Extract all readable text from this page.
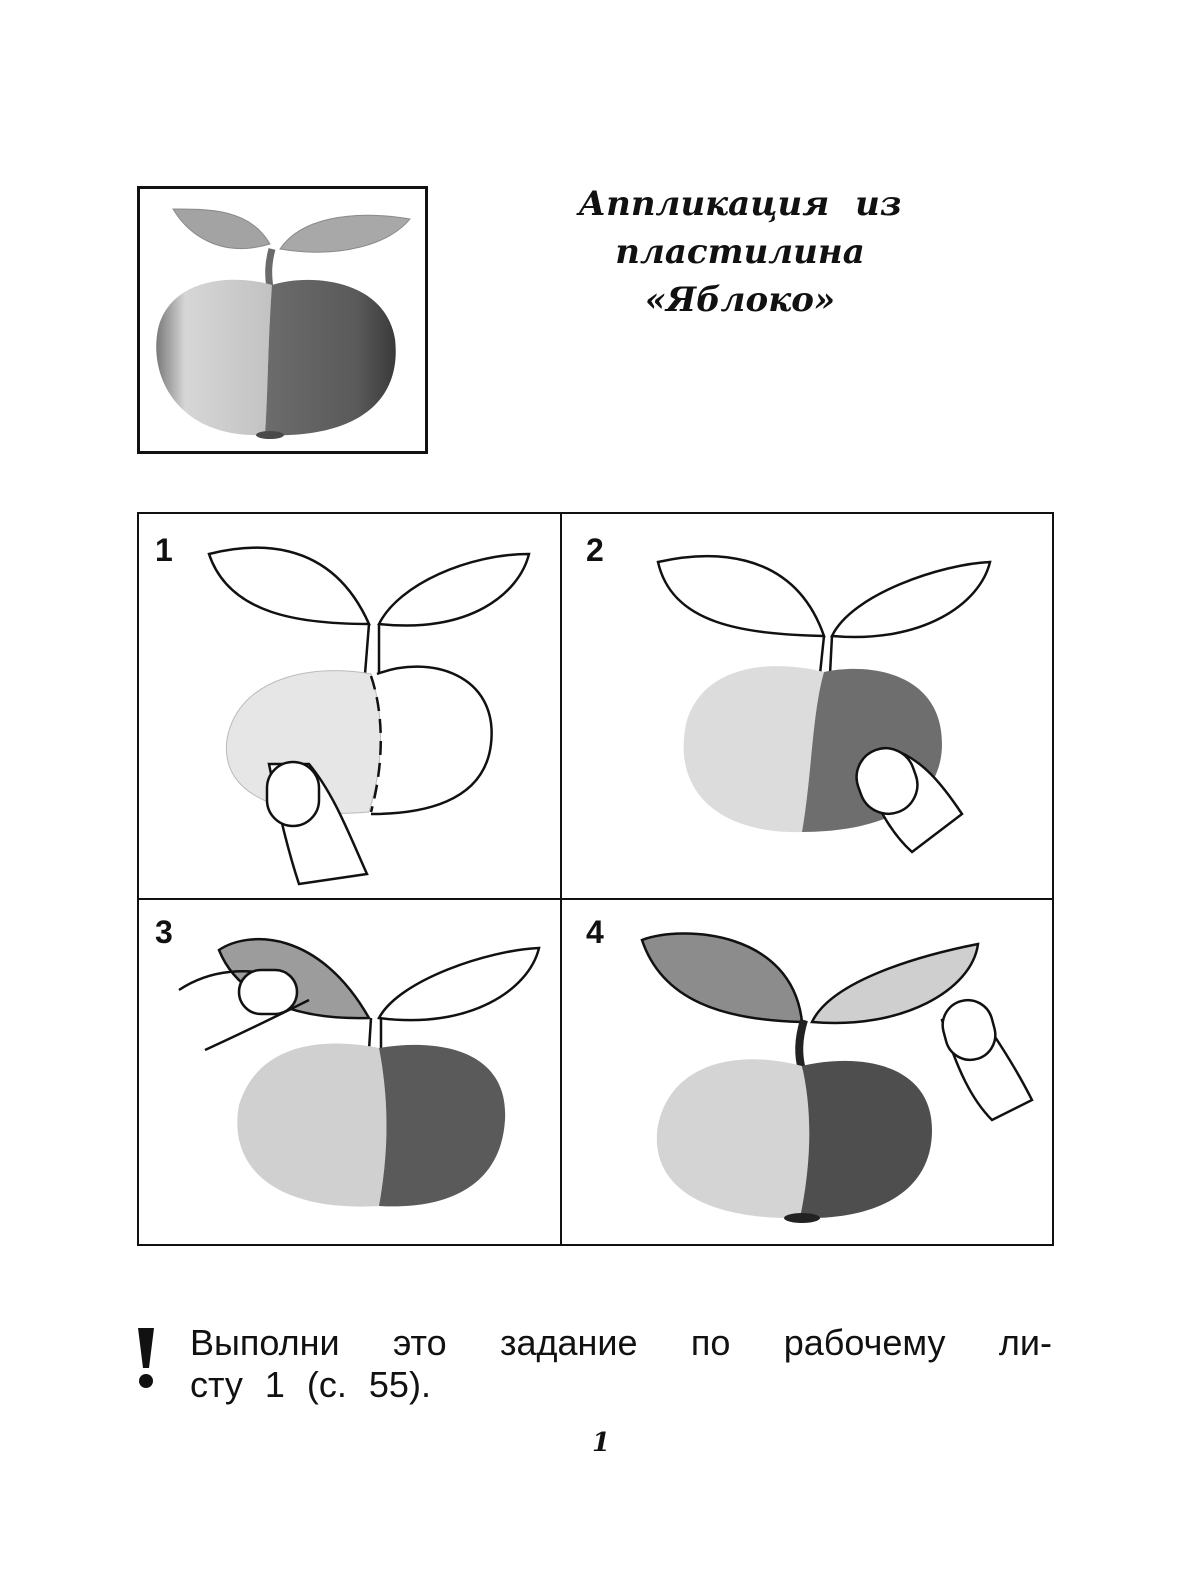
Аппликация из пластилина
«Яблоко»
1	2
3	4
Выполни это задание по рабочему ли-
сту 1 (с. 55).
1
